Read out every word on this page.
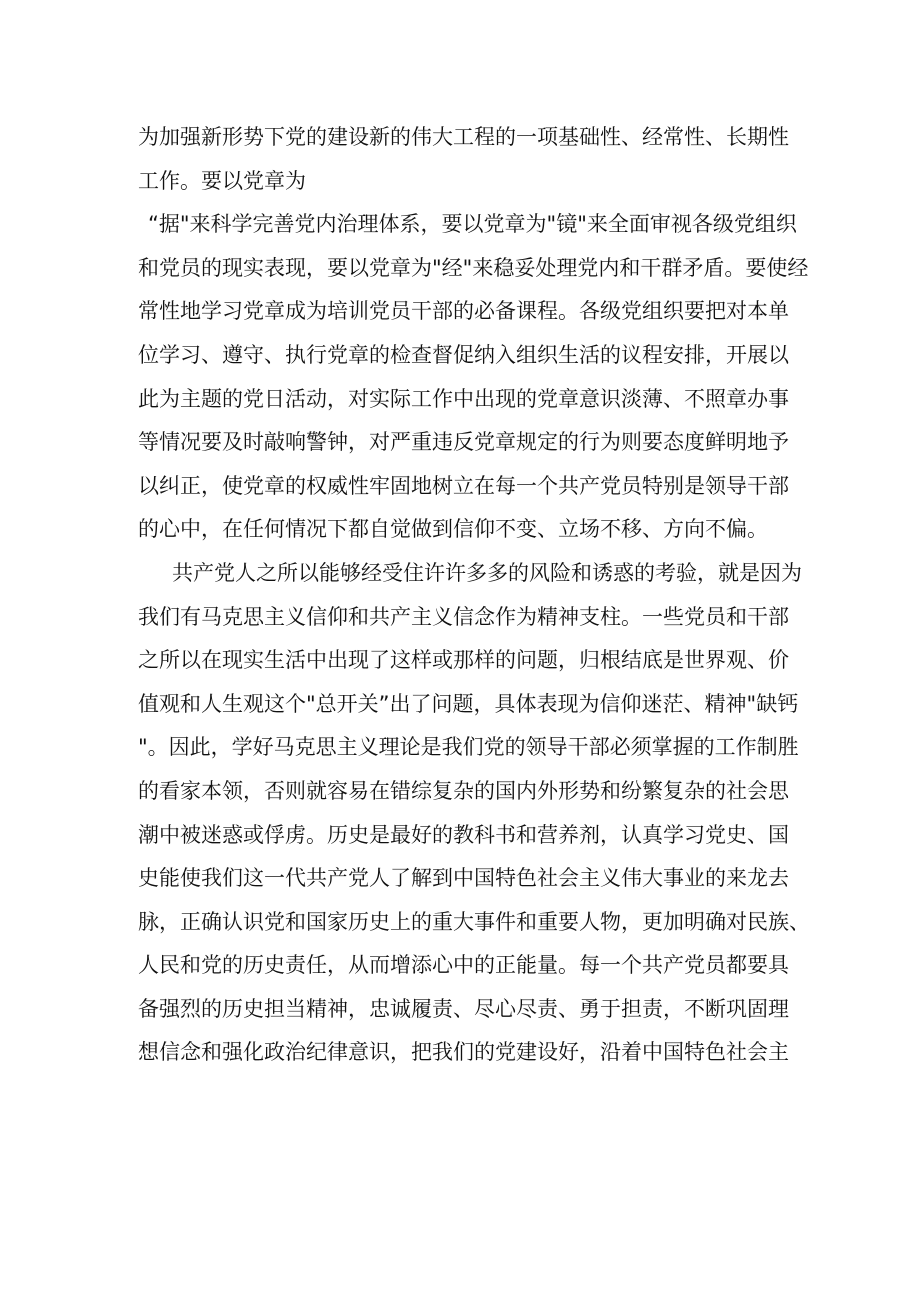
为加强新形势下党的建设新的伟大工程的一项基础性、经常性、长期性
工作。要以党章为
“据"来科学完善党内治理体系，要以党章为"镜"来全面审视各级党组织
和党员的现实表现，要以党章为"经"来稳妥处理党内和干群矛盾。要使经
常性地学习党章成为培训党员干部的必备课程。各级党组织要把对本单
位学习、遵守、执行党章的检查督促纳入组织生活的议程安排，开展以
此为主题的党日活动，对实际工作中出现的党章意识淡薄、不照章办事
等情况要及时敲响警钟，对严重违反党章规定的行为则要态度鲜明地予
以纠正，使党章的权威性牢固地树立在每一个共产党员特别是领导干部
的心中，在任何情况下都自觉做到信仰不变、立场不移、方向不偏。
共产党人之所以能够经受住许许多多的风险和诱惑的考验，就是因为
我们有马克思主义信仰和共产主义信念作为精神支柱。一些党员和干部
之所以在现实生活中出现了这样或那样的问题，归根结底是世界观、价
值观和人生观这个"总开关”出了问题，具体表现为信仰迷茫、精神"缺钙
"。因此，学好马克思主义理论是我们党的领导干部必须掌握的工作制胜
的看家本领，否则就容易在错综复杂的国内外形势和纷繁复杂的社会思
潮中被迷惑或俘虏。历史是最好的教科书和营养剂，认真学习党史、国
史能使我们这一代共产党人了解到中国特色社会主义伟大事业的来龙去
脉，正确认识党和国家历史上的重大事件和重要人物，更加明确对民族、
人民和党的历史责任，从而增添心中的正能量。每一个共产党员都要具
备强烈的历史担当精神，忠诚履责、尽心尽责、勇于担责，不断巩固理
想信念和强化政治纪律意识，把我们的党建设好，沿着中国特色社会主
